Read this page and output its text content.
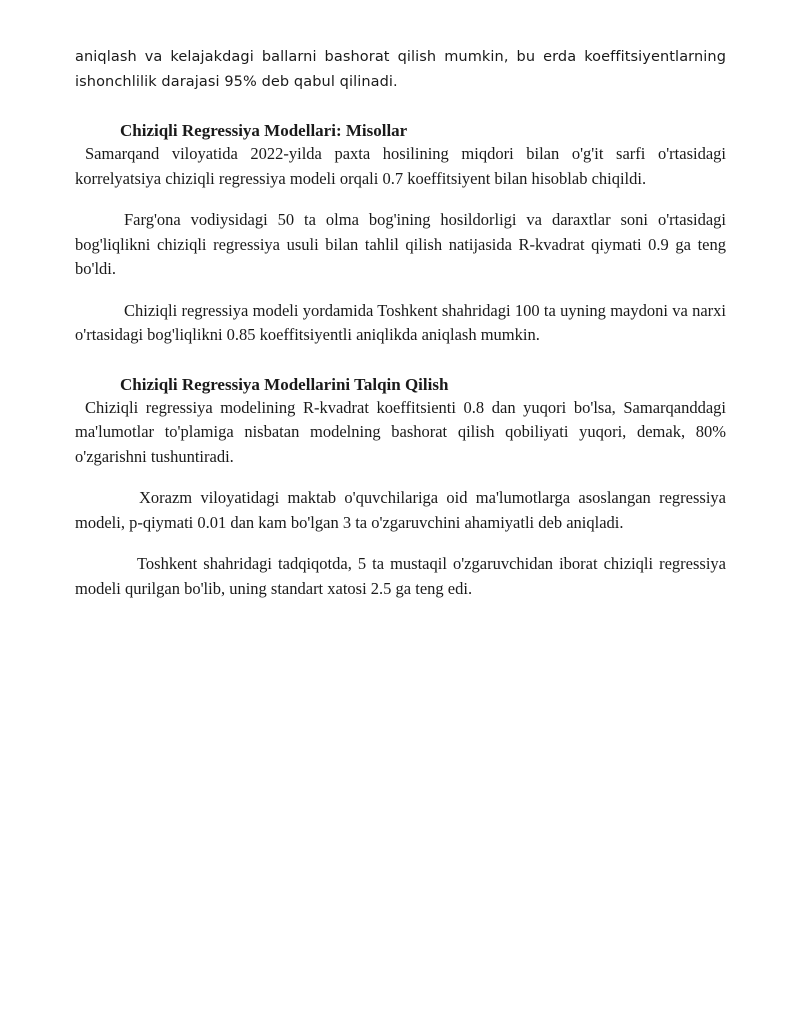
aniqlash va kelajakdagi ballarni bashorat qilish mumkin, bu erda koeffitsiyentlarning ishonchlilik darajasi 95% deb qabul qilinadi.

Chiziqli Regressiya Modellari: Misollar

Samarqand viloyatida 2022-yilda paxta hosilining miqdori bilan o'g'it sarfi o'rtasidagi korrelyatsiya chiziqli regressiya modeli orqali 0.7 koeffitsiyent bilan hisoblab chiqildi.

Farg'ona vodiysidagi 50 ta olma bog'ining hosildorligi va daraxtlar soni o'rtasidagi bog'liqlikni chiziqli regressiya usuli bilan tahlil qilish natijasida R-kvadrat qiymati 0.9 ga teng bo'ldi.

Chiziqli regressiya modeli yordamida Toshkent shahridagi 100 ta uyning maydoni va narxi o'rtasidagi bog'liqlikni 0.85 koeffitsiyentli aniqlikda aniqlash mumkin.

Chiziqli Regressiya Modellarini Talqin Qilish

Chiziqli regressiya modelining R-kvadrat koeffitsienti 0.8 dan yuqori bo'lsa, Samarqanddagi ma'lumotlar to'plamiga nisbatan modelning bashorat qilish qobiliyati yuqori, demak, 80% o'zgarishni tushuntiradi.

Xorazm viloyatidagi maktab o'quvchilariga oid ma'lumotlarga asoslangan regressiya modeli, p-qiymati 0.01 dan kam bo'lgan 3 ta o'zgaruvchini ahamiyatli deb aniqladi.

Toshkent shahridagi tadqiqotda, 5 ta mustaqil o'zgaruvchidan iborat chiziqli regressiya modeli qurilgan bo'lib, uning standart xatosi 2.5 ga teng edi.
